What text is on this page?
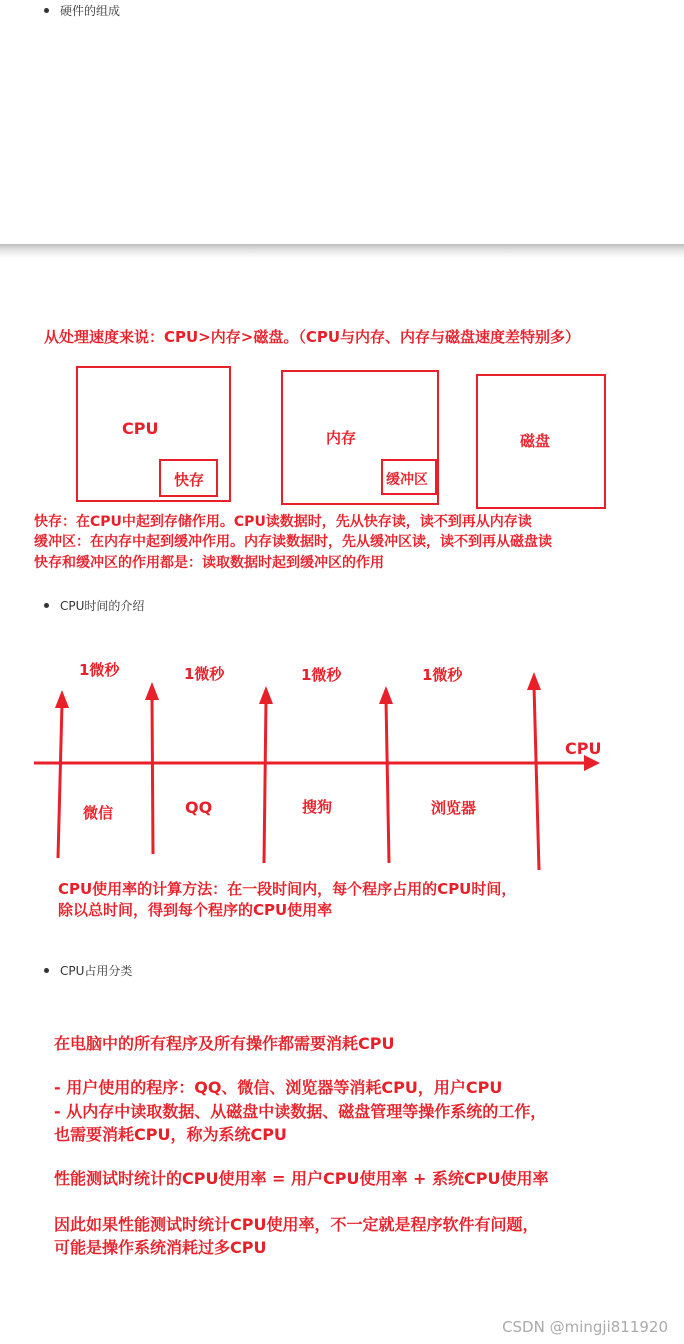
硬件的组成
从处理速度来说：CPU>内存>磁盘。（CPU与内存、内存与磁盘速度差特别多）
CPU
快存
内存
缓冲区
磁盘
快存：在CPU中起到存储作用。CPU读数据时，先从快存读，读不到再从内存读
缓冲区：在内存中起到缓冲作用。内存读数据时，先从缓冲区读，读不到再从磁盘读
快存和缓冲区的作用都是：读取数据时起到缓冲区的作用
CPU时间的介绍
CPU
1微秒	1微秒	1微秒	1微秒
微信	QQ	搜狗	浏览器
CPU使用率的计算方法：在一段时间内，每个程序占用的CPU时间，
除以总时间，得到每个程序的CPU使用率
CPU占用分类
在电脑中的所有程序及所有操作都需要消耗CPU
- 用户使用的程序：QQ、微信、浏览器等消耗CPU，用户CPU
- 从内存中读取数据、从磁盘中读数据、磁盘管理等操作系统的工作，
也需要消耗CPU，称为系统CPU
性能测试时统计的CPU使用率 = 用户CPU使用率 + 系统CPU使用率
因此如果性能测试时统计CPU使用率，不一定就是程序软件有问题，
可能是操作系统消耗过多CPU
CSDN @mingji811920
